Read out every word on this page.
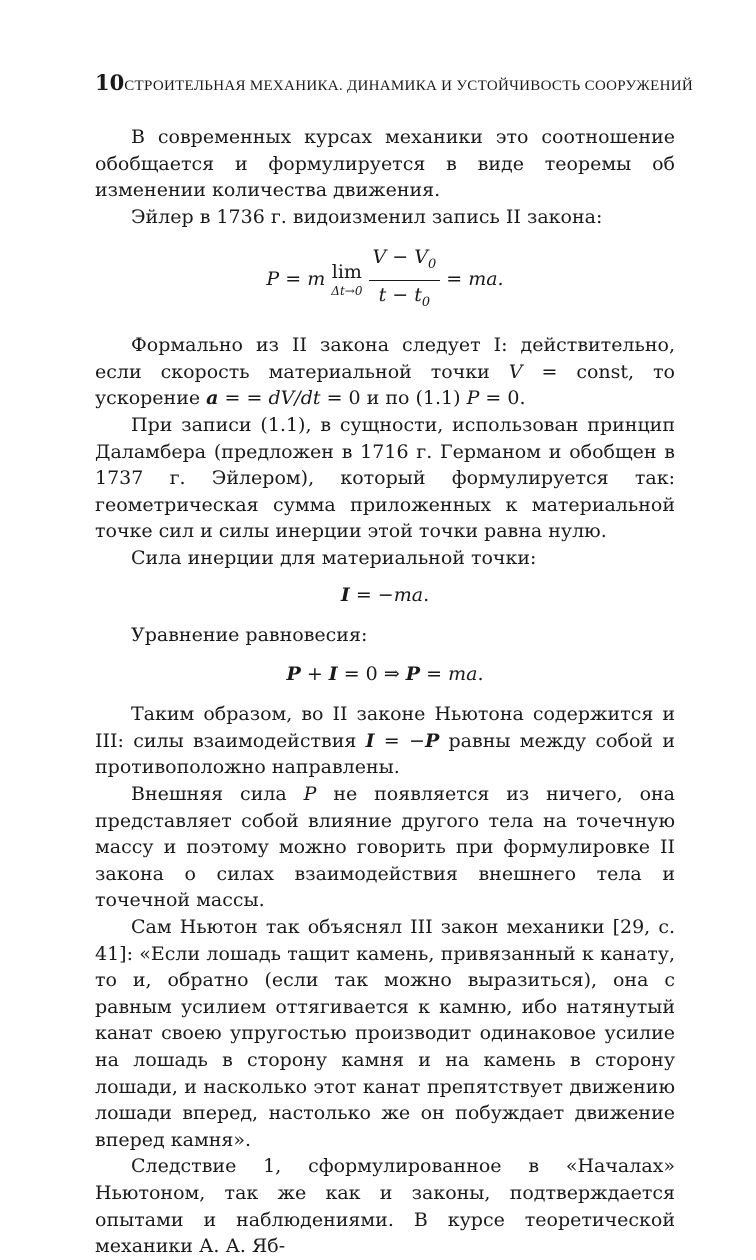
10 СТРОИТЕЛЬНАЯ МЕХАНИКА. ДИНАМИКА И УСТОЙЧИВОСТЬ СООРУЖЕНИЙ

В современных курсах механики это соотношение обобщается и формулируется в виде теоремы об изменении количества движения.

Эйлер в 1736 г. видоизменил запись II закона:

P = m lim
Δt→0
$\frac{V - V_0}{t - t_0}$ = ma.

Формально из II закона следует I: действительно, если скорость материальной точки V = const, то ускорение a = = dV/dt = 0 и по (1.1) P = 0.

При записи (1.1), в сущности, использован принцип Даламбера (предложен в 1716 г. Германом и обобщен в 1737 г. Эйлером), который формулируется так: геометрическая сумма приложенных к материальной точке сил и силы инерции этой точки равна нулю.

Сила инерции для материальной точки:

I = −ma.

Уравнение равновесия:

P + I = 0 ⇒ P = ma.

Таким образом, во II законе Ньютона содержится и III: силы взаимодействия I = −P равны между собой и противоположно направлены.

Внешняя сила P не появляется из ничего, она представляет собой влияние другого тела на точечную массу и поэтому можно говорить при формулировке II закона о силах взаимодействия внешнего тела и точечной массы.

Сам Ньютон так объяснял III закон механики [29, с. 41]: «Если лошадь тащит камень, привязанный к канату, то и, обратно (если так можно выразиться), она с равным усилием оттягивается к камню, ибо натянутый канат своею упругостью производит одинаковое усилие на лошадь в сторону камня и на камень в сторону лошади, и насколько этот канат препятствует движению лошади вперед, настолько же он побуждает движение вперед камня».

Следствие 1, сформулированное в «Началах» Ньютоном, так же как и законы, подтверждается опытами и наблюдениями. В курсе теоретической механики А. А. Яб-
